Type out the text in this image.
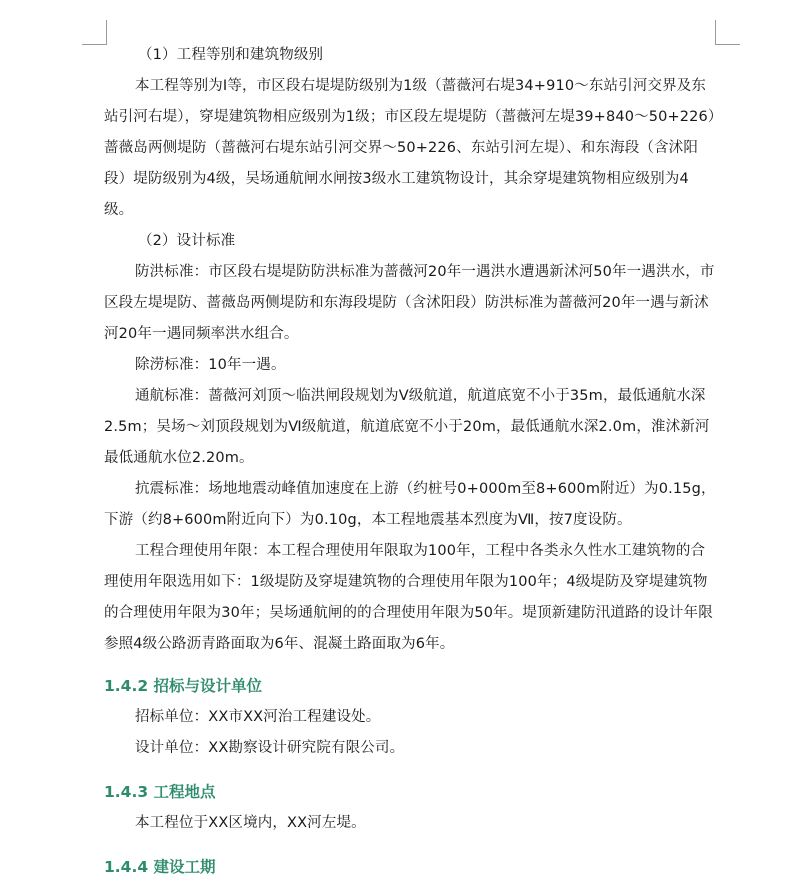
（1）工程等别和建筑物级别

本工程等别为Ⅰ等，市区段右堤堤防级别为1级（蔷薇河右堤34+910～东站引河交界及东站引河右堤），穿堤建筑物相应级别为1级；市区段左堤堤防（蔷薇河左堤39+840～50+226）蔷薇岛两侧堤防（蔷薇河右堤东站引河交界～50+226、东站引河左堤）、和东海段（含沭阳段）堤防级别为4级，吴场通航闸水闸按3级水工建筑物设计，其余穿堤建筑物相应级别为4级。

（2）设计标准

防洪标准：市区段右堤堤防防洪标准为蔷薇河20年一遇洪水遭遇新沭河50年一遇洪水，市区段左堤堤防、蔷薇岛两侧堤防和东海段堤防（含沭阳段）防洪标准为蔷薇河20年一遇与新沭河20年一遇同频率洪水组合。

除涝标准：10年一遇。

通航标准：蔷薇河刘顶～临洪闸段规划为Ⅴ级航道，航道底宽不小于35m，最低通航水深2.5m；吴场～刘顶段规划为Ⅵ级航道，航道底宽不小于20m，最低通航水深2.0m，淮沭新河最低通航水位2.20m。

抗震标准：场地地震动峰值加速度在上游（约桩号0+000m至8+600m附近）为0.15g，下游（约8+600m附近向下）为0.10g，本工程地震基本烈度为Ⅶ，按7度设防。

工程合理使用年限：本工程合理使用年限取为100年，工程中各类永久性水工建筑物的合理使用年限选用如下：1级堤防及穿堤建筑物的合理使用年限为100年；4级堤防及穿堤建筑物的合理使用年限为30年；吴场通航闸的的合理使用年限为50年。堤顶新建防汛道路的设计年限参照4级公路沥青路面取为6年、混凝土路面取为6年。

1.4.2 招标与设计单位

招标单位：XX市XX河治工程建设处。

设计单位：XX勘察设计研究院有限公司。

1.4.3 工程地点

本工程位于XX区境内，XX河左堤。

1.4.4 建设工期
